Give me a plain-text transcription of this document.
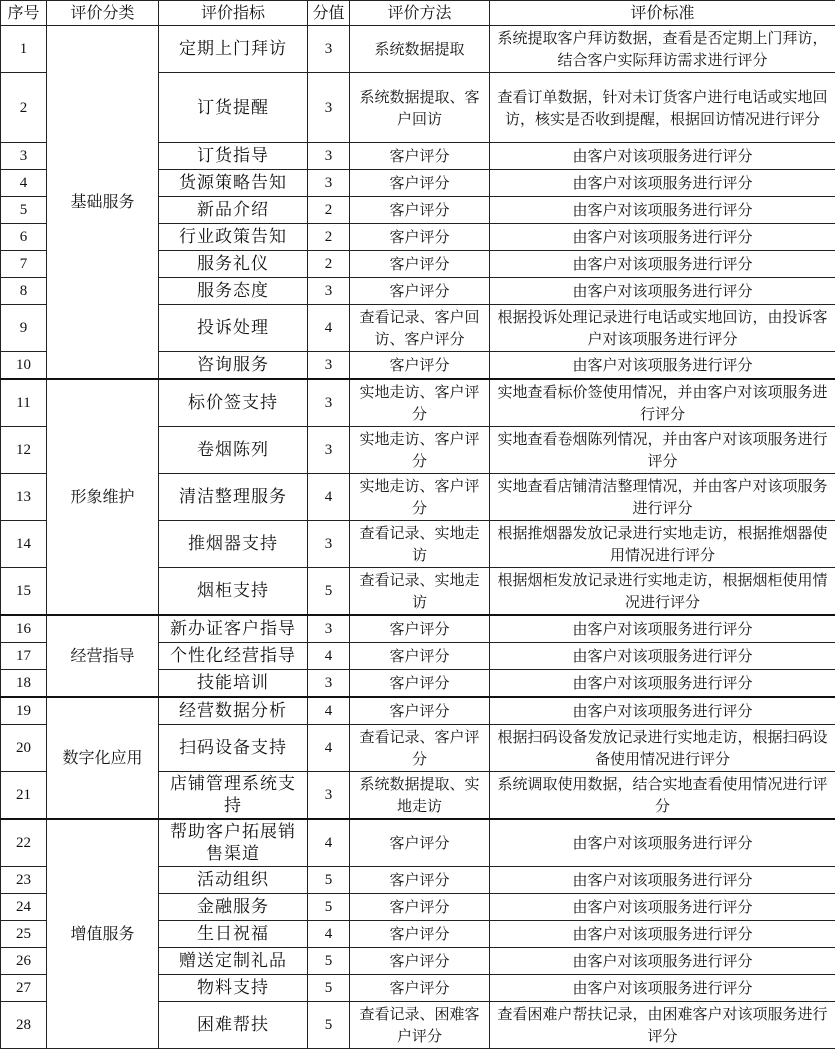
序号	评价分类	评价指标	分值	评价方法	评价标准
1	基础服务	定期上门拜访	3	系统数据提取	系统提取客户拜访数据，查看是否定期上门拜访，结合客户实际拜访需求进行评分
2		订货提醒	3	系统数据提取、客户回访	查看订单数据，针对未订货客户进行电话或实地回访，核实是否收到提醒，根据回访情况进行评分
3		订货指导	3	客户评分	由客户对该项服务进行评分
4		货源策略告知	3	客户评分	由客户对该项服务进行评分
5		新品介绍	2	客户评分	由客户对该项服务进行评分
6		行业政策告知	2	客户评分	由客户对该项服务进行评分
7		服务礼仪	2	客户评分	由客户对该项服务进行评分
8		服务态度	3	客户评分	由客户对该项服务进行评分
9		投诉处理	4	查看记录、客户回访、客户评分	根据投诉处理记录进行电话或实地回访，由投诉客户对该项服务进行评分
10		咨询服务	3	客户评分	由客户对该项服务进行评分
11	形象维护	标价签支持	3	实地走访、客户评分	实地查看标价签使用情况，并由客户对该项服务进行评分
12		卷烟陈列	3	实地走访、客户评分	实地查看卷烟陈列情况，并由客户对该项服务进行评分
13		清洁整理服务	4	实地走访、客户评分	实地查看店铺清洁整理情况，并由客户对该项服务进行评分
14		推烟器支持	3	查看记录、实地走访	根据推烟器发放记录进行实地走访，根据推烟器使用情况进行评分
15		烟柜支持	5	查看记录、实地走访	根据烟柜发放记录进行实地走访，根据烟柜使用情况进行评分
16	经营指导	新办证客户指导	3	客户评分	由客户对该项服务进行评分
17		个性化经营指导	4	客户评分	由客户对该项服务进行评分
18		技能培训	3	客户评分	由客户对该项服务进行评分
19	数字化应用	经营数据分析	4	客户评分	由客户对该项服务进行评分
20		扫码设备支持	4	查看记录、客户评分	根据扫码设备发放记录进行实地走访，根据扫码设备使用情况进行评分
21		店铺管理系统支持	3	系统数据提取、实地走访	系统调取使用数据，结合实地查看使用情况进行评分
22	增值服务	帮助客户拓展销售渠道	4	客户评分	由客户对该项服务进行评分
23		活动组织	5	客户评分	由客户对该项服务进行评分
24		金融服务	5	客户评分	由客户对该项服务进行评分
25		生日祝福	4	客户评分	由客户对该项服务进行评分
26		赠送定制礼品	5	客户评分	由客户对该项服务进行评分
27		物料支持	5	客户评分	由客户对该项服务进行评分
28		困难帮扶	5	查看记录、困难客户评分	查看困难户帮扶记录，由困难客户对该项服务进行评分
